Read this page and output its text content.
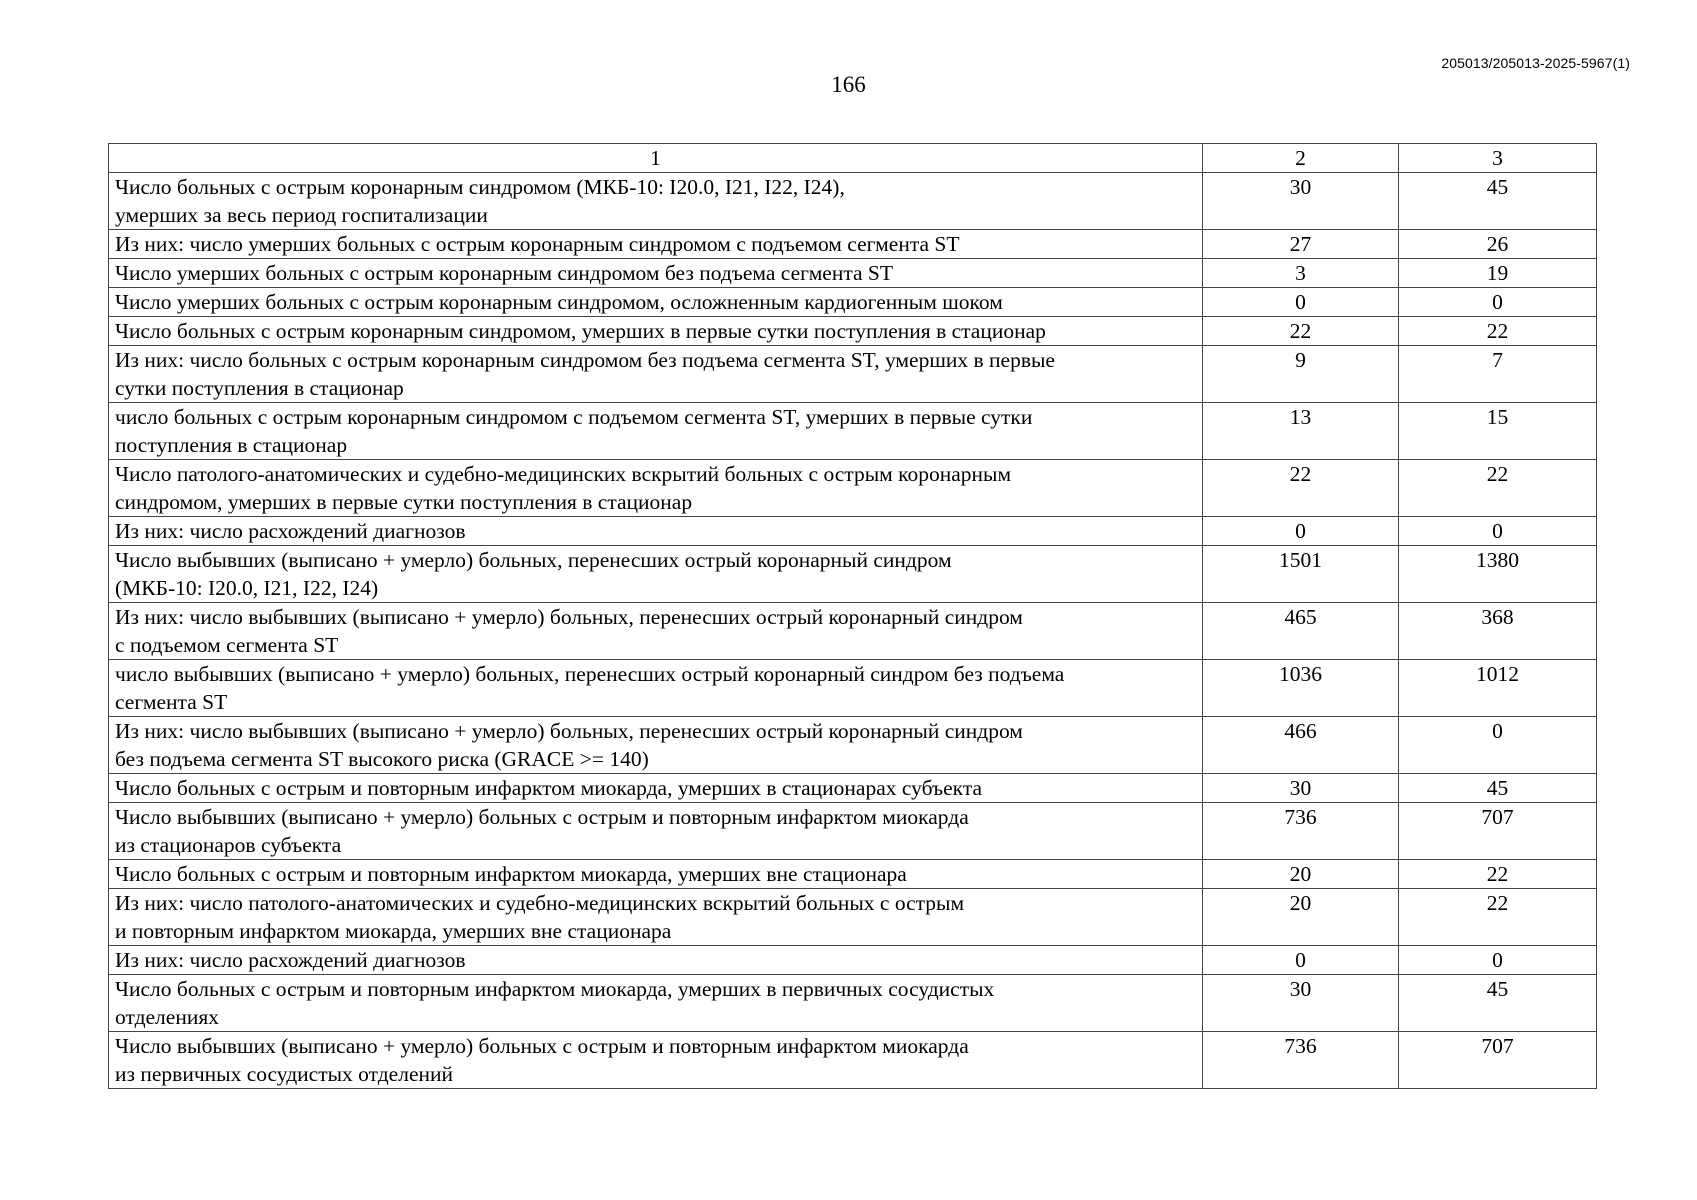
205013/205013-2025-5967(1)
166
1	2	3

Число больных с острым коронарным синдромом (МКБ-10: I20.0, I21, I22, I24),
умерших за весь период госпитализации	30	45

Из них: число умерших больных с острым коронарным синдромом с подъемом сегмента ST	27	26

Число умерших больных с острым коронарным синдромом без подъема сегмента ST	3	19

Число умерших больных с острым коронарным синдромом, осложненным кардиогенным шоком	0	0

Число больных с острым коронарным синдромом, умерших в первые сутки поступления в стационар	22	22

Из них: число больных с острым коронарным синдромом без подъема сегмента ST, умерших в первые
сутки поступления в стационар	9	7

число больных с острым коронарным синдромом с подъемом сегмента ST, умерших в первые сутки
поступления в стационар	13	15

Число патолого-анатомических и судебно-медицинских вскрытий больных с острым коронарным
синдромом, умерших в первые сутки поступления в стационар	22	22

Из них: число расхождений диагнозов	0	0

Число выбывших (выписано + умерло) больных, перенесших острый коронарный синдром
(МКБ-10: I20.0, I21, I22, I24)	1501	1380

Из них: число выбывших (выписано + умерло) больных, перенесших острый коронарный синдром
с подъемом сегмента ST	465	368

число выбывших (выписано + умерло) больных, перенесших острый коронарный синдром без подъема
сегмента ST	1036	1012

Из них: число выбывших (выписано + умерло) больных, перенесших острый коронарный синдром
без подъема сегмента ST высокого риска (GRACE >= 140)	466	0

Число больных с острым и повторным инфарктом миокарда, умерших в стационарах субъекта	30	45

Число выбывших (выписано + умерло) больных с острым и повторным инфарктом миокарда
из стационаров субъекта	736	707

Число больных с острым и повторным инфарктом миокарда, умерших вне стационара	20	22

Из них: число патолого-анатомических и судебно-медицинских вскрытий больных с острым
и повторным инфарктом миокарда, умерших вне стационара	20	22

Из них: число расхождений диагнозов	0	0

Число больных с острым и повторным инфарктом миокарда, умерших в первичных сосудистых
отделениях	30	45

Число выбывших (выписано + умерло) больных с острым и повторным инфарктом миокарда
из первичных сосудистых отделений	736	707
